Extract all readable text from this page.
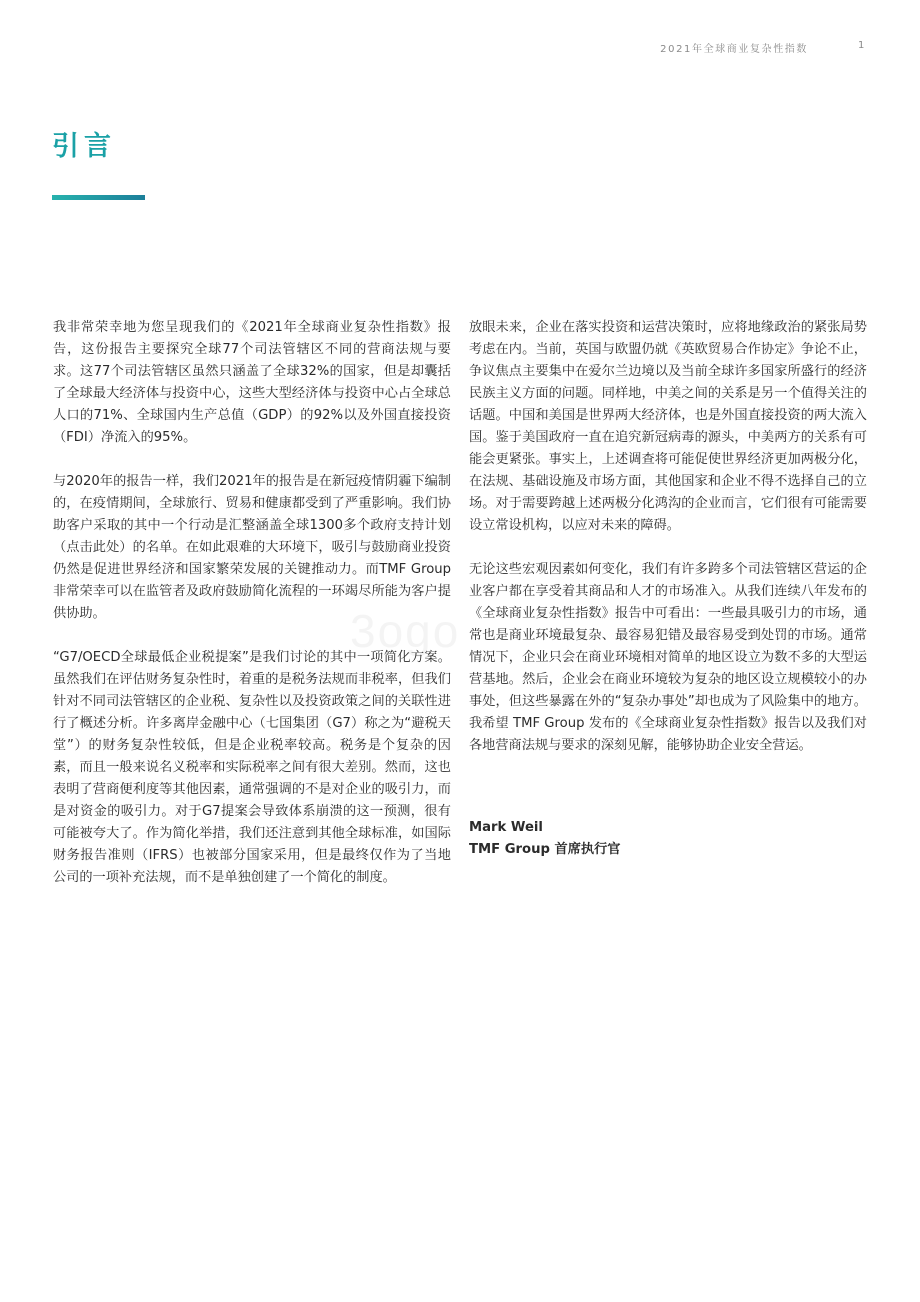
2021年全球商业复杂性指数	1
引言

我非常荣幸地为您呈现我们的《2021年全球商业复杂性指数》报告，这份报告主要探究全球77个司法管辖区不同的营商法规与要求。这77个司法管辖区虽然只涵盖了全球32%的国家，但是却囊括了全球最大经济体与投资中心，这些大型经济体与投资中心占全球总人口的71%、全球国内生产总值（GDP）的92%以及外国直接投资（FDI）净流入的95%。

与2020年的报告一样，我们2021年的报告是在新冠疫情阴霾下编制的，在疫情期间，全球旅行、贸易和健康都受到了严重影响。我们协助客户采取的其中一个行动是汇整涵盖全球1300多个政府支持计划（点击此处）的名单。在如此艰难的大环境下，吸引与鼓励商业投资仍然是促进世界经济和国家繁荣发展的关键推动力。而TMF Group非常荣幸可以在监管者及政府鼓励简化流程的一环竭尽所能为客户提供协助。

“G7/OECD全球最低企业税提案”是我们讨论的其中一项简化方案。虽然我们在评估财务复杂性时，着重的是税务法规而非税率，但我们针对不同司法管辖区的企业税、复杂性以及投资政策之间的关联性进行了概述分析。许多离岸金融中心（七国集团（G7）称之为“避税天堂”）的财务复杂性较低，但是企业税率较高。税务是个复杂的因素，而且一般来说名义税率和实际税率之间有很大差别。然而，这也表明了营商便利度等其他因素，通常强调的不是对企业的吸引力，而是对资金的吸引力。对于G7提案会导致体系崩溃的这一预测，很有可能被夸大了。作为简化举措，我们还注意到其他全球标准，如国际财务报告准则（IFRS）也被部分国家采用，但是最终仅作为了当地公司的一项补充法规，而不是单独创建了一个简化的制度。

放眼未来，企业在落实投资和运营决策时，应将地缘政治的紧张局势考虑在内。当前，英国与欧盟仍就《英欧贸易合作协定》争论不止，争议焦点主要集中在爱尔兰边境以及当前全球许多国家所盛行的经济民族主义方面的问题。同样地，中美之间的关系是另一个值得关注的话题。中国和美国是世界两大经济体，也是外国直接投资的两大流入国。鉴于美国政府一直在追究新冠病毒的源头，中美两方的关系有可能会更紧张。事实上，上述调查将可能促使世界经济更加两极分化，在法规、基础设施及市场方面，其他国家和企业不得不选择自己的立场。对于需要跨越上述两极分化鸿沟的企业而言，它们很有可能需要设立常设机构，以应对未来的障碍。

无论这些宏观因素如何变化，我们有许多跨多个司法管辖区营运的企业客户都在享受着其商品和人才的市场准入。从我们连续八年发布的《全球商业复杂性指数》报告中可看出：一些最具吸引力的市场，通常也是商业环境最复杂、最容易犯错及最容易受到处罚的市场。通常情况下，企业只会在商业环境相对简单的地区设立为数不多的大型运营基地。然后，企业会在商业环境较为复杂的地区设立规模较小的办事处，但这些暴露在外的“复杂办事处”却也成为了风险集中的地方。我希望 TMF Group 发布的《全球商业复杂性指数》报告以及我们对各地营商法规与要求的深刻见解，能够协助企业安全营运。

Mark Weil
TMF Group 首席执行官
3ogo
